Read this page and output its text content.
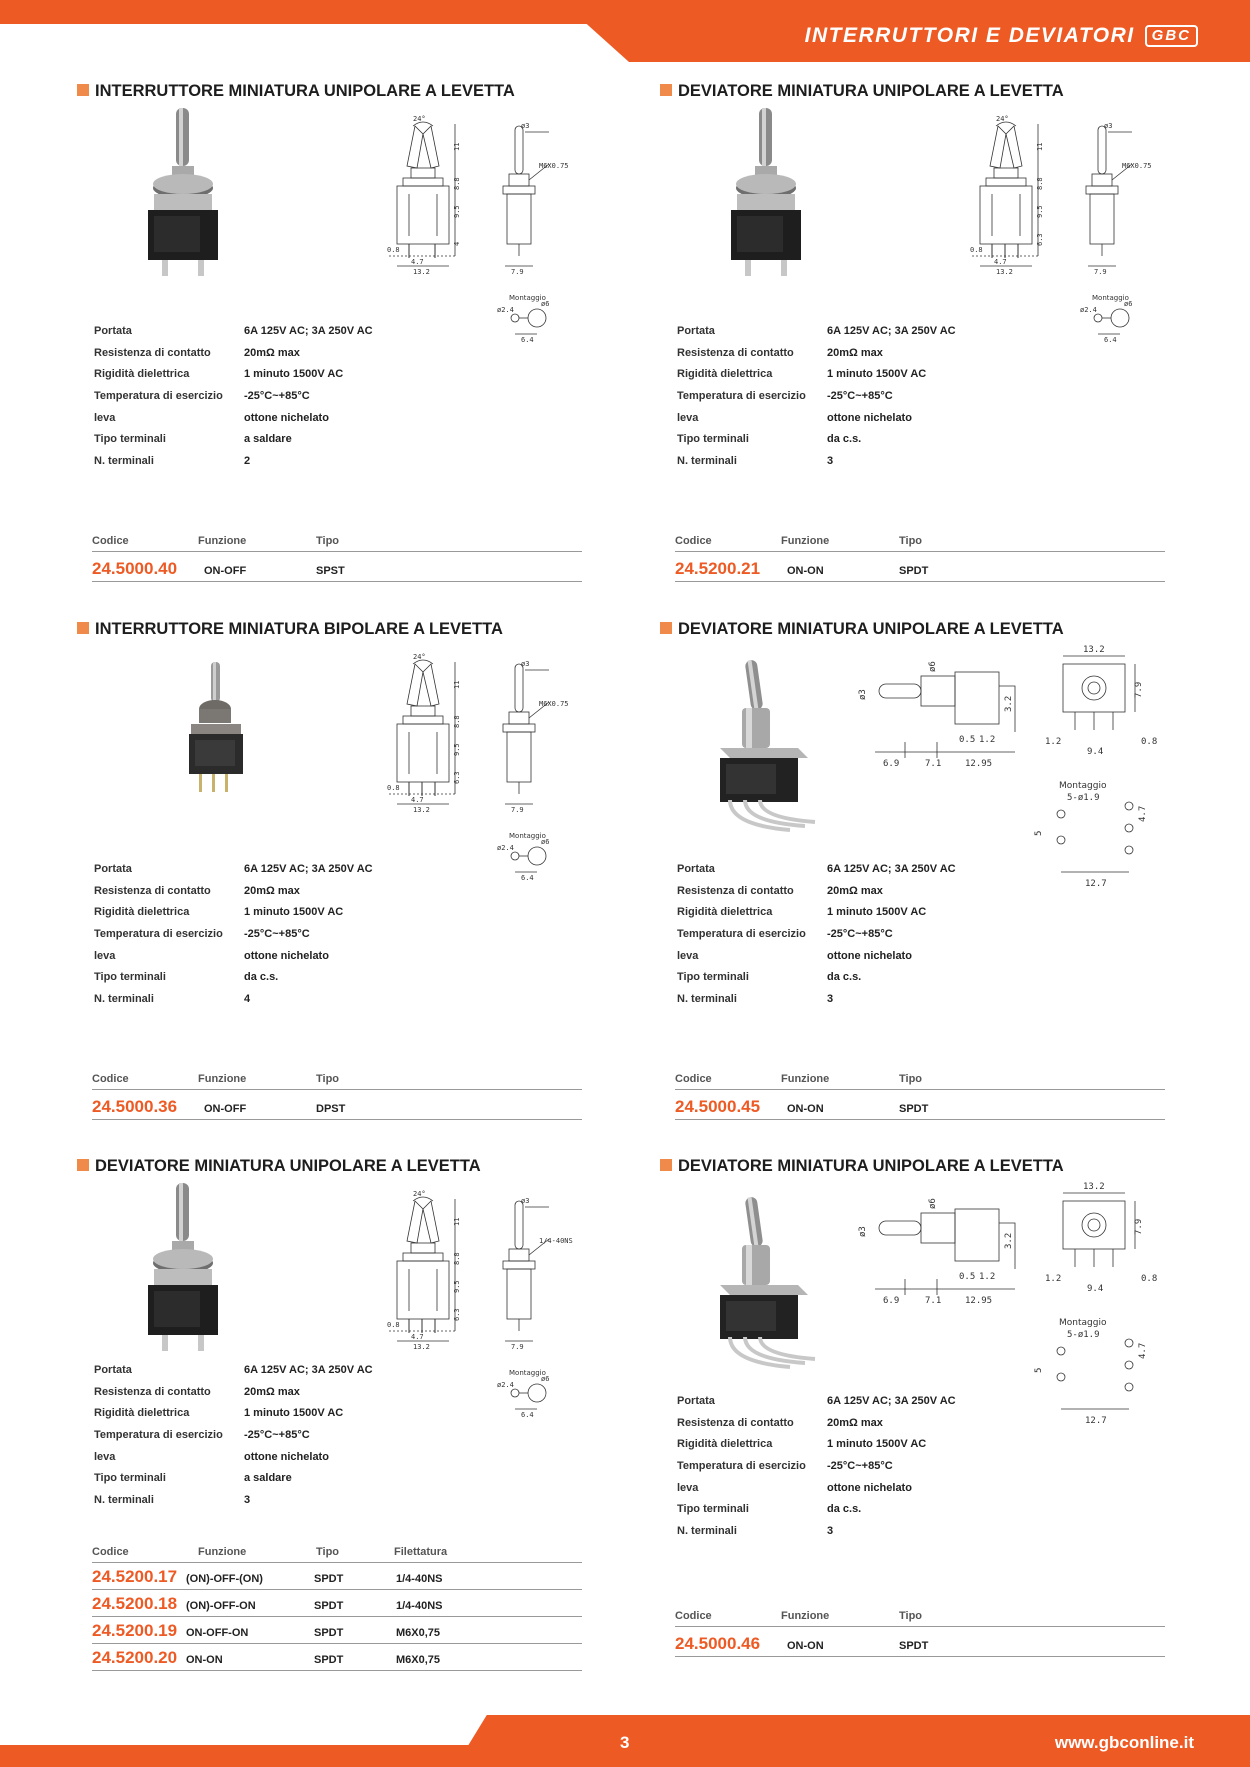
INTERRUTTORI E DEVIATORI GBC
INTERRUTTORE MINIATURA UNIPOLARE A LEVETTA
24°
ø3
M6X0.75
11
8.8
9.5
4
0.8
4.7
13.2	7.9
Montaggio
ø2.4
ø6
6.4
Portata	6A 125V AC; 3A 250V AC
Resistenza di contatto	20mΩ max
Rigidità dielettrica	1 minuto 1500V AC
Temperatura di esercizio -25°C~+85°C
leva	ottone nichelato
Tipo terminali	a saldare
N. terminali	2
Codice	Funzione	Tipo
24.5000.40 ON-OFF	SPST
DEVIATORE MINIATURA UNIPOLARE A LEVETTA
24°
ø3
M6X0.75
11
8.8
9.5
6.3
0.8
4.7
13.2	7.9
Montaggio
ø2.4
ø6
6.4
Portata	6A 125V AC; 3A 250V AC
Resistenza di contatto	20mΩ max
Rigidità dielettrica	1 minuto 1500V AC
Temperatura di esercizio -25°C~+85°C
leva	ottone nichelato
Tipo terminali	da c.s.
N. terminali	3
Codice	Funzione	Tipo
24.5200.21 ON-ON	SPDT
INTERRUTTORE MINIATURA BIPOLARE A LEVETTA
24°
ø3
M6X0.75
11
8.8
9.5
6.3
0.8
4.7
13.2	7.9
Montaggio
ø2.4
ø6
6.4
Portata	6A 125V AC; 3A 250V AC
Resistenza di contatto	20mΩ max
Rigidità dielettrica	1 minuto 1500V AC
Temperatura di esercizio -25°C~+85°C
leva	ottone nichelato
Tipo terminali	da c.s.
N. terminali	4
Codice	Funzione	Tipo
24.5000.36 ON-OFF	DPST
DEVIATORE MINIATURA UNIPOLARE A LEVETTA
ø3
ø6
6.9	7.1	12.95
0.5 1.2
3.2
13.2
7.9
1.2	0.8
9.4
Montaggio
5-ø1.9
5
4.7
12.7
Portata	6A 125V AC; 3A 250V AC
Resistenza di contatto	20mΩ max
Rigidità dielettrica	1 minuto 1500V AC
Temperatura di esercizio -25°C~+85°C
leva	ottone nichelato
Tipo terminali	da c.s.
N. terminali	3
Codice	Funzione	Tipo
24.5000.45 ON-ON	SPDT
DEVIATORE MINIATURA UNIPOLARE A LEVETTA
24°
ø3
1/4-40NS
11
8.8
9.5
6.3
0.8
4.7
13.2	7.9
Montaggio
ø2.4
ø6
6.4
Portata	6A 125V AC; 3A 250V AC
Resistenza di contatto	20mΩ max
Rigidità dielettrica	1 minuto 1500V AC
Temperatura di esercizio -25°C~+85°C
leva	ottone nichelato
Tipo terminali	a saldare
N. terminali	3
Codice	Funzione	Tipo	Filettatura
24.5200.17 (ON)-OFF-(ON)	SPDT	1/4-40NS
24.5200.18 (ON)-OFF-ON	SPDT	1/4-40NS
24.5200.19 ON-OFF-ON	SPDT	M6X0,75
24.5200.20 ON-ON	SPDT	M6X0,75
DEVIATORE MINIATURA UNIPOLARE A LEVETTA
ø3
ø6
6.9	7.1	12.95
0.5 1.2
3.2
13.2
7.9
1.2	0.8
9.4
Montaggio
5-ø1.9
5
4.7
12.7
Portata	6A 125V AC; 3A 250V AC
Resistenza di contatto	20mΩ max
Rigidità dielettrica	1 minuto 1500V AC
Temperatura di esercizio -25°C~+85°C
leva	ottone nichelato
Tipo terminali	da c.s.
N. terminali	3
Codice	Funzione	Tipo
24.5000.46 ON-ON	SPDT
3	www.gbconline.it
